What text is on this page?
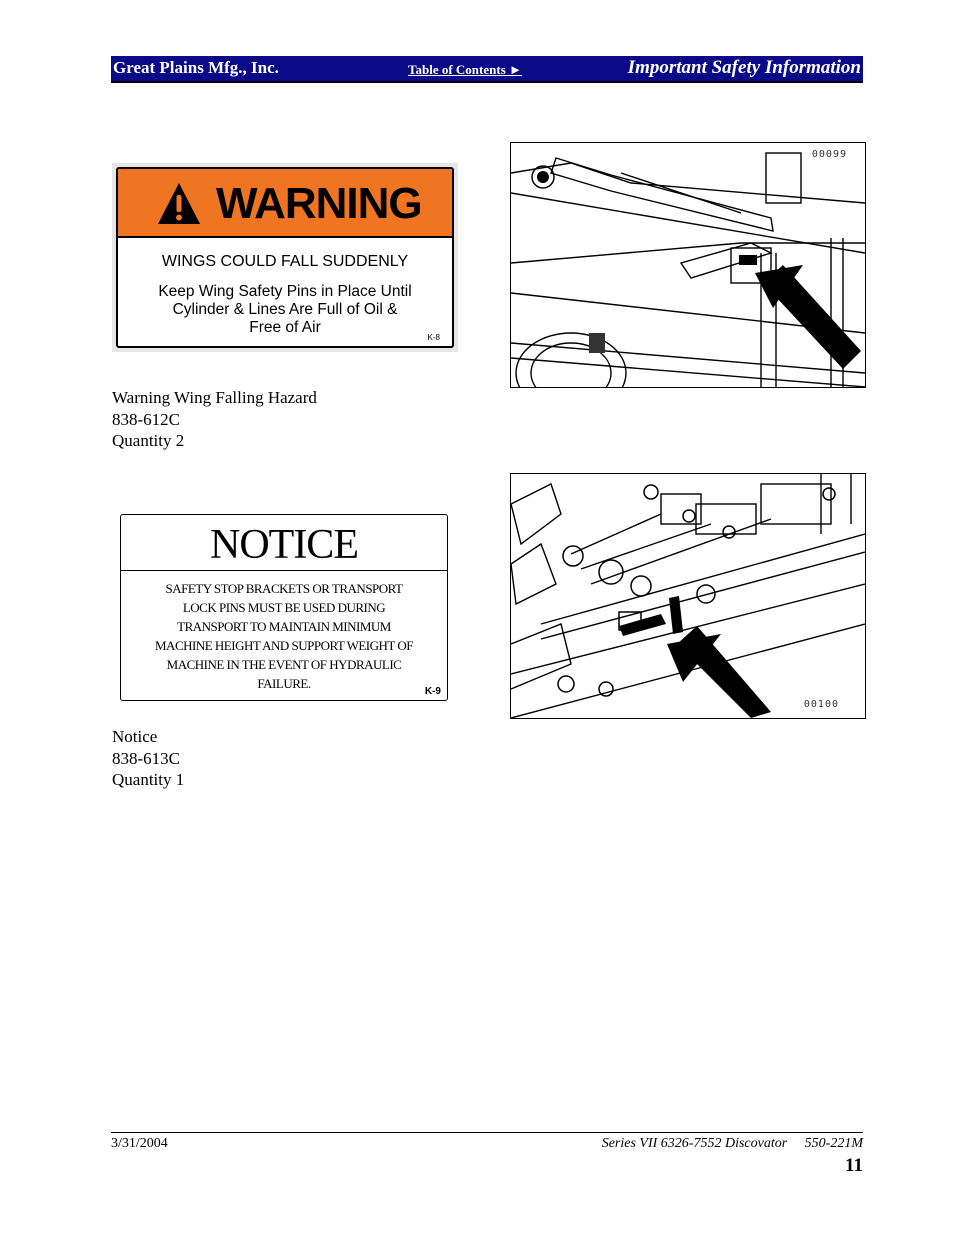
Great Plains Mfg., Inc.	Table of Contents ►	Important Safety Information
WARNING
WINGS COULD FALL SUDDENLY
Keep Wing Safety Pins in Place Until Cylinder & Lines Are Full of Oil & Free of Air
K-8
Warning Wing Falling Hazard
838-612C
Quantity 2
00099
NOTICE
SAFETY STOP BRACKETS OR TRANSPORT LOCK PINS MUST BE USED DURING TRANSPORT TO MAINTAIN MINIMUM MACHINE HEIGHT AND SUPPORT WEIGHT OF MACHINE IN THE EVENT OF HYDRAULIC FAILURE.
K-9
Notice
838-613C
Quantity 1
00100
3/31/2004	Series VII 6326-7552 Discovator     550-221M
11
